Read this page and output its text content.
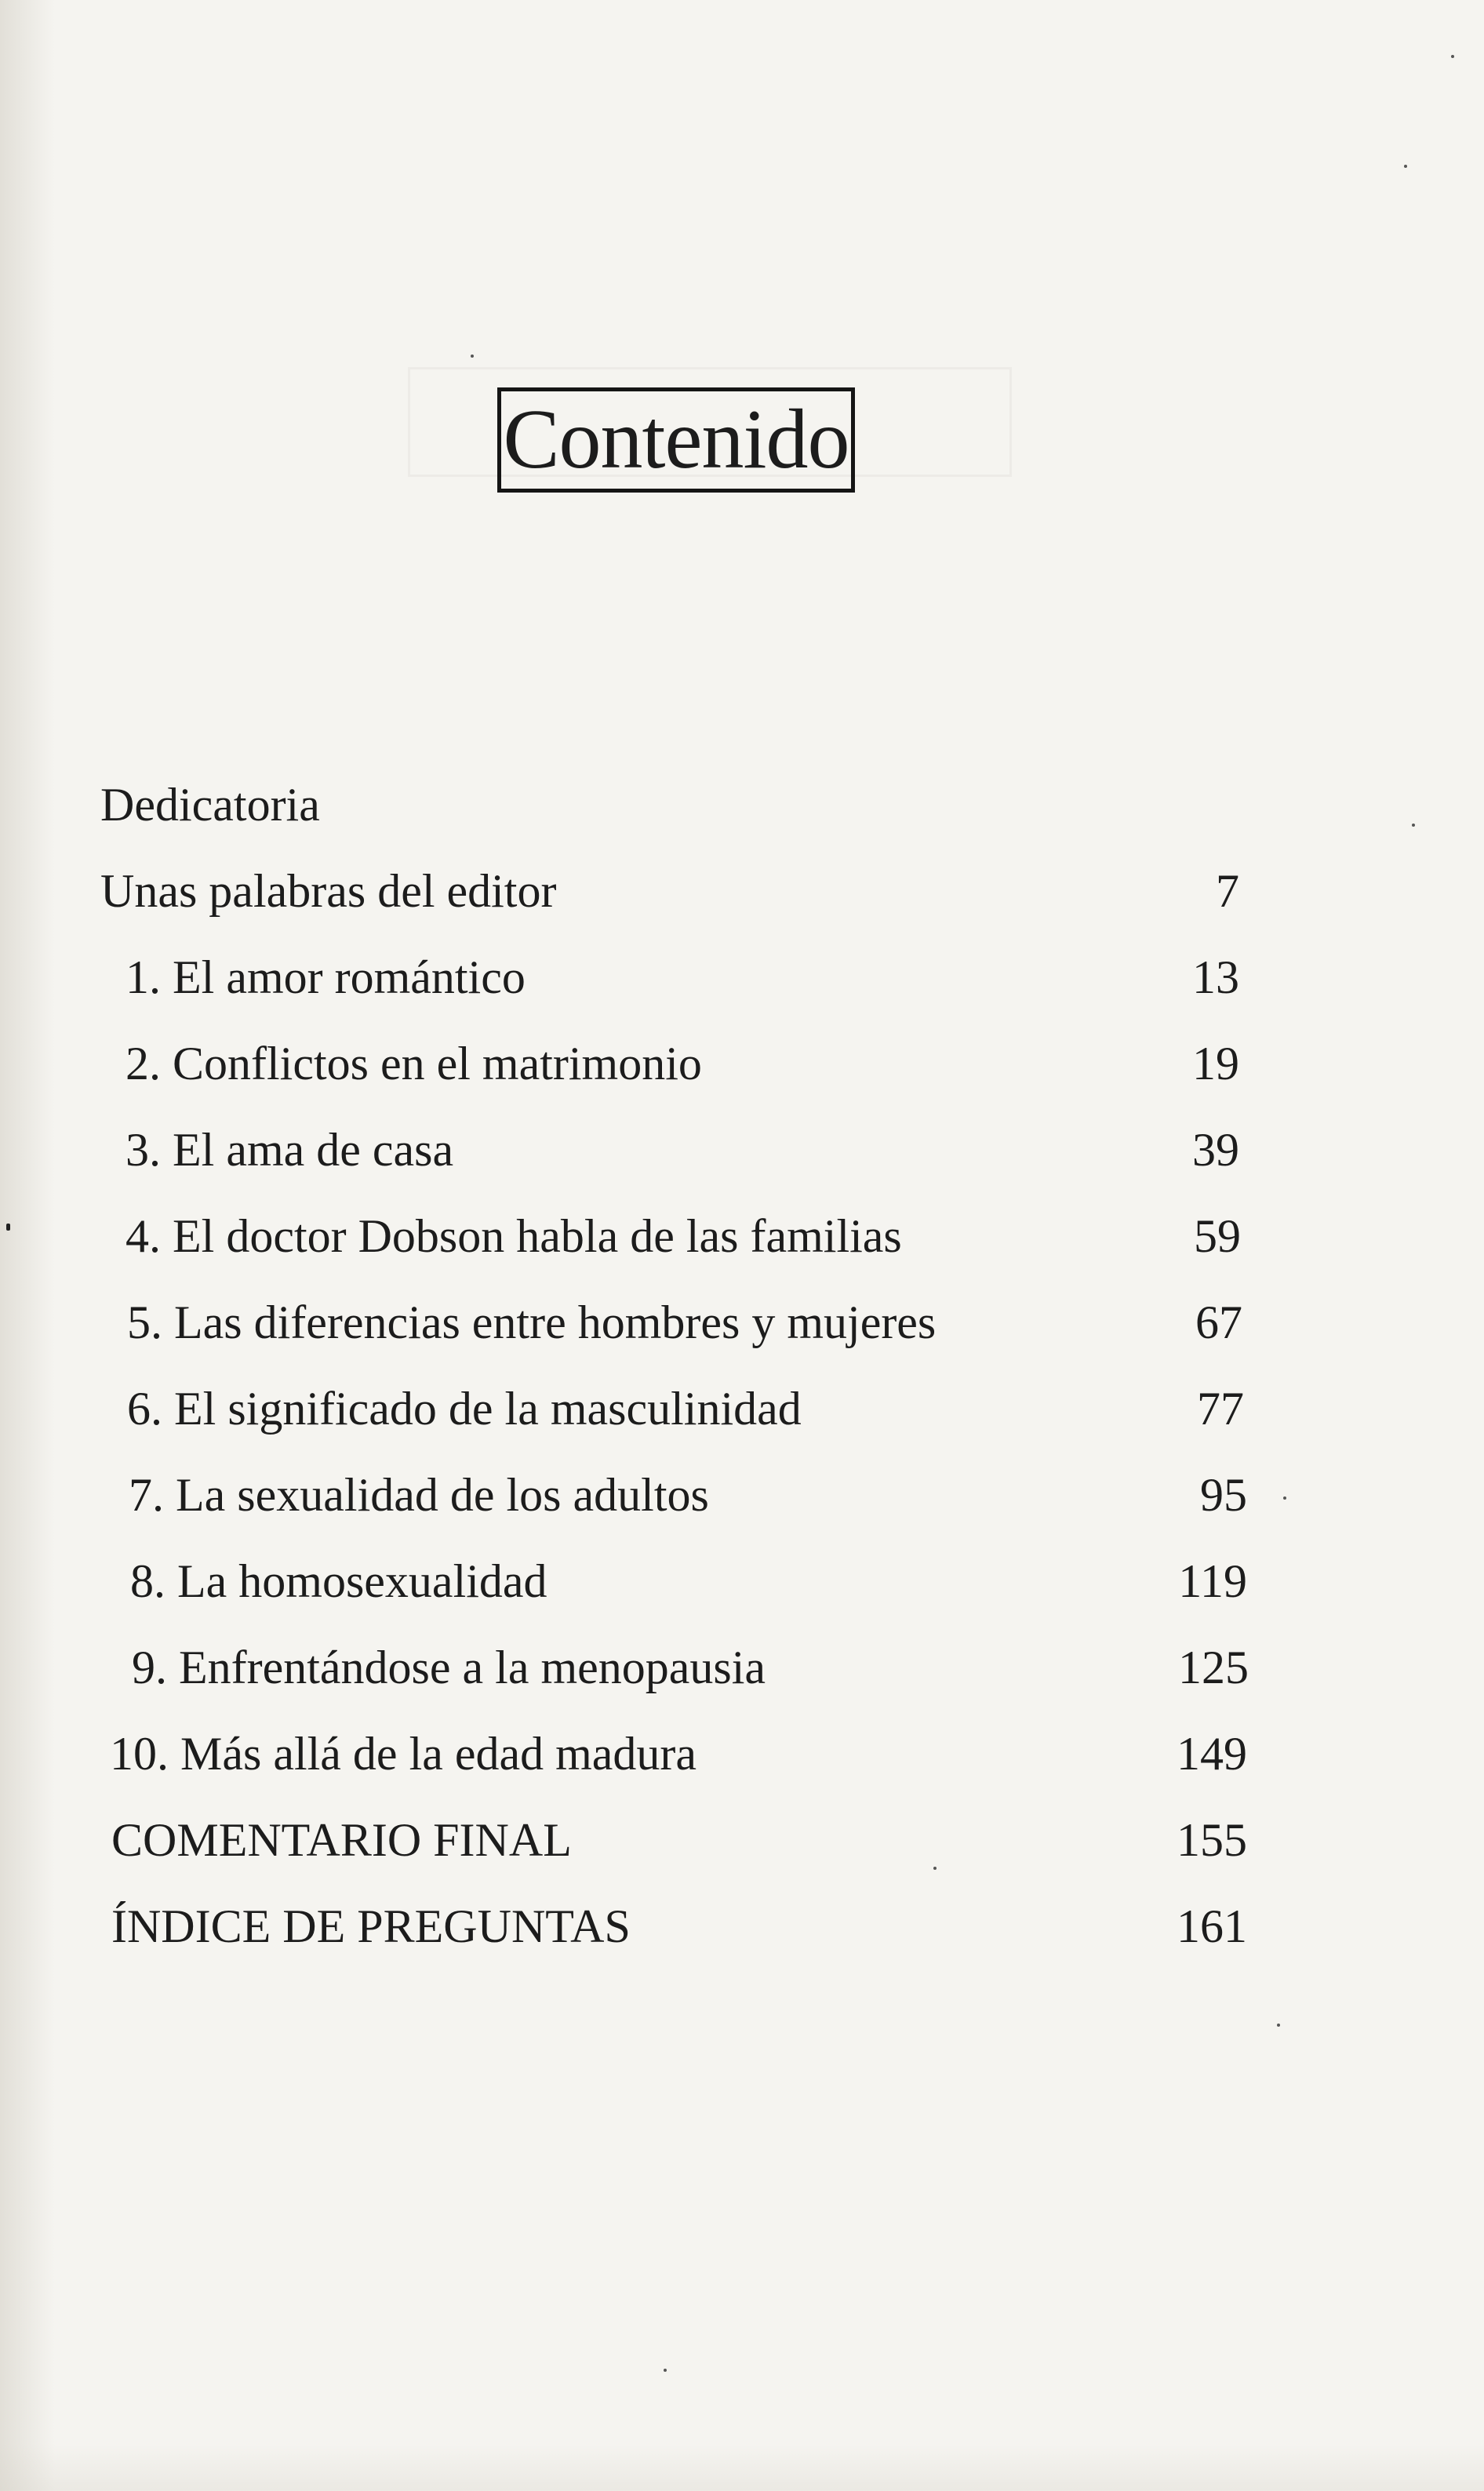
Contenido
Dedicatoria
Unas palabras del editor	7
1. El amor romántico	13
2. Conflictos en el matrimonio	19
3. El ama de casa	39
4. El doctor Dobson habla de las familias	59
5. Las diferencias entre hombres y mujeres	67
6. El significado de la masculinidad	77
7. La sexualidad de los adultos	95
8. La homosexualidad	119
9. Enfrentándose a la menopausia	125
10. Más allá de la edad madura	149
COMENTARIO FINAL	155
ÍNDICE DE PREGUNTAS	161
